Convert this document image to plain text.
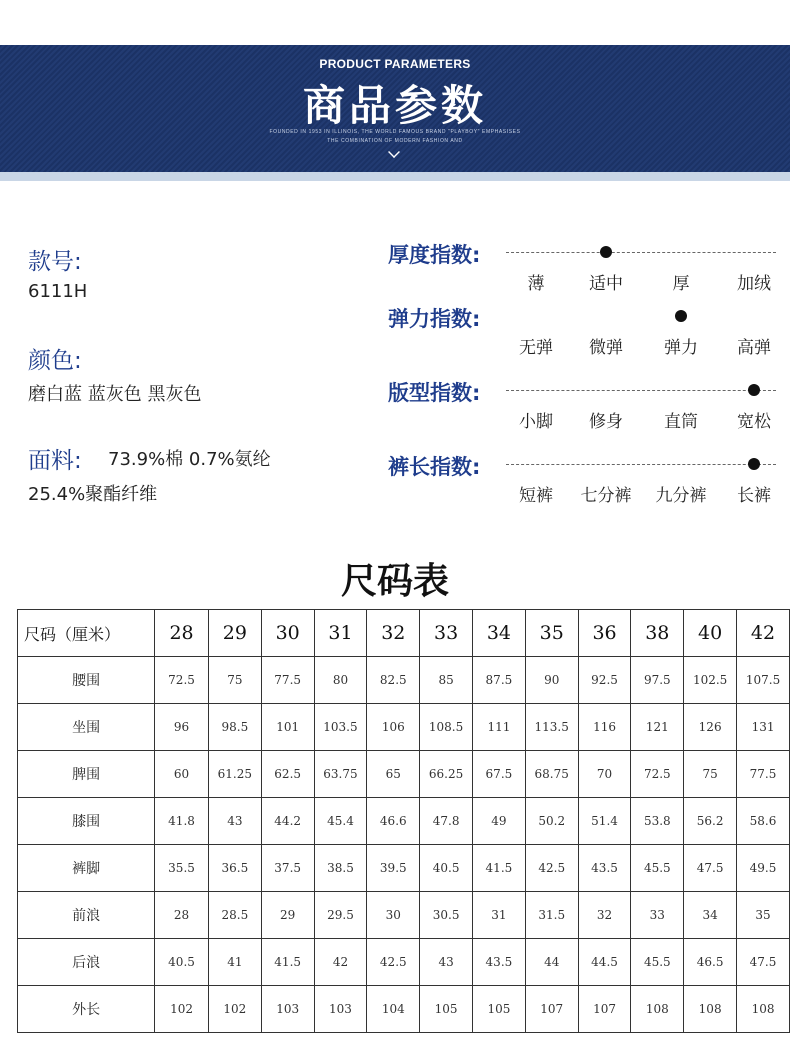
PRODUCT PARAMETERS
商品参数
FOUNDED IN 1953 IN ILLINOIS, THE WORLD FAMOUS BRAND "PLAYBOY" EMPHASISES
THE COMBINATION OF MODERN FASHION AND
款号:
6111H
颜色:
磨白蓝 蓝灰色 黑灰色
面料: 73.9%棉 0.7%氨纶
25.4%聚酯纤维
厚度指数:
薄	适中	厚	加绒
弹力指数:
无弹	微弹	弹力	高弹
版型指数:
小脚	修身	直筒	宽松
裤长指数:
短裤	七分裤 九分裤	长裤
尺码表
尺码（厘米）	28	29	30	31	32	33	34	35	36	38	40	42
腰围	72.5	75	77.5	80	82.5	85	87.5	90	92.5	97.5	102.5	107.5
坐围	96	98.5	101	103.5	106	108.5	111	113.5	116	121	126	131
脾围	60	61.25	62.5	63.75	65	66.25	67.5	68.75	70	72.5	75	77.5
膝围	41.8	43	44.2	45.4	46.6	47.8	49	50.2	51.4	53.8	56.2	58.6
裤脚	35.5	36.5	37.5	38.5	39.5	40.5	41.5	42.5	43.5	45.5	47.5	49.5
前浪	28	28.5	29	29.5	30	30.5	31	31.5	32	33	34	35
后浪	40.5	41	41.5	42	42.5	43	43.5	44	44.5	45.5	46.5	47.5
外长	102	102	103	103	104	105	105	107	107	108	108	108
